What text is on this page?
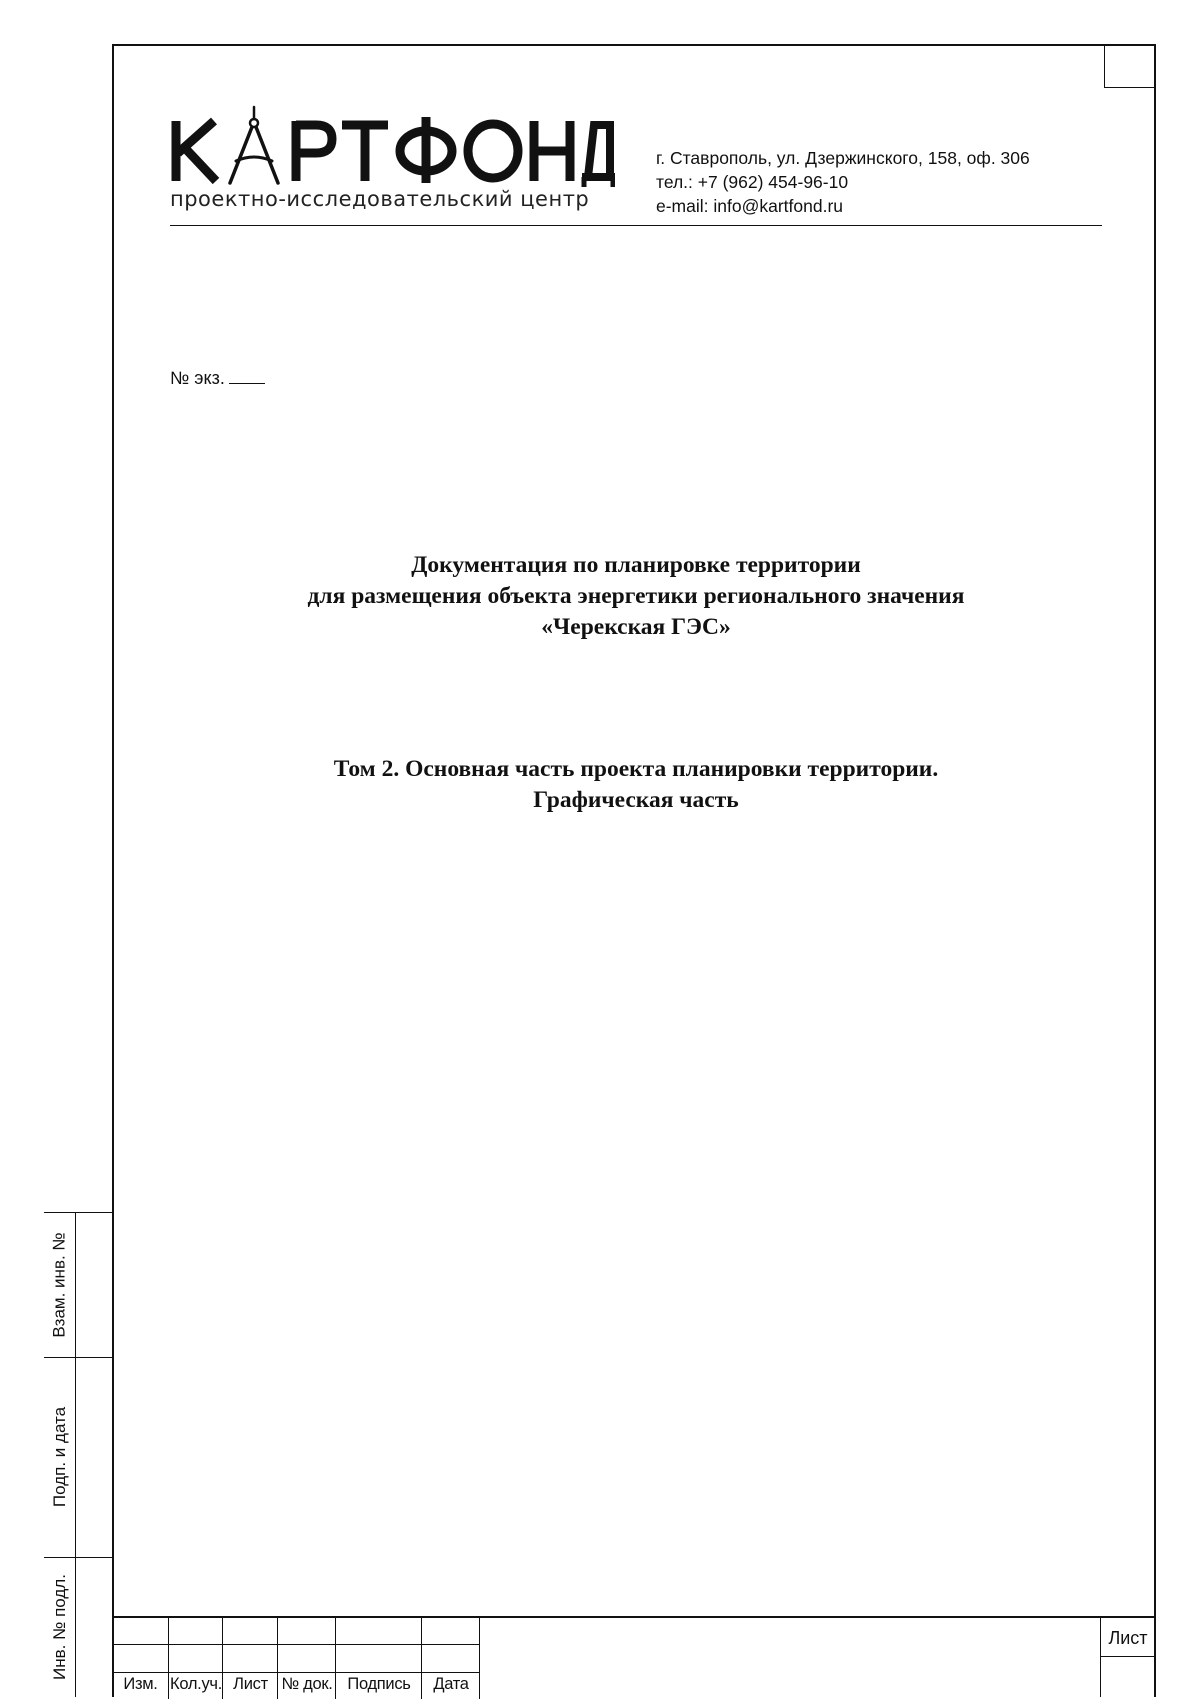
проектно-исследовательский центр
г. Ставрополь, ул. Дзержинского, 158, оф. 306
тел.: +7 (962) 454-96-10
e-mail: info@kartfond.ru
№ экз.
Документация по планировке территории
для размещения объекта энергетики регионального значения
«Черекская ГЭС»
Том 2. Основная часть проекта планировки территории.
Графическая часть
Взам. инв. №
Подп. и дата
Инв. № подл.
Изм. Кол.уч. Лист № док. Подпись	Дата
Лист
